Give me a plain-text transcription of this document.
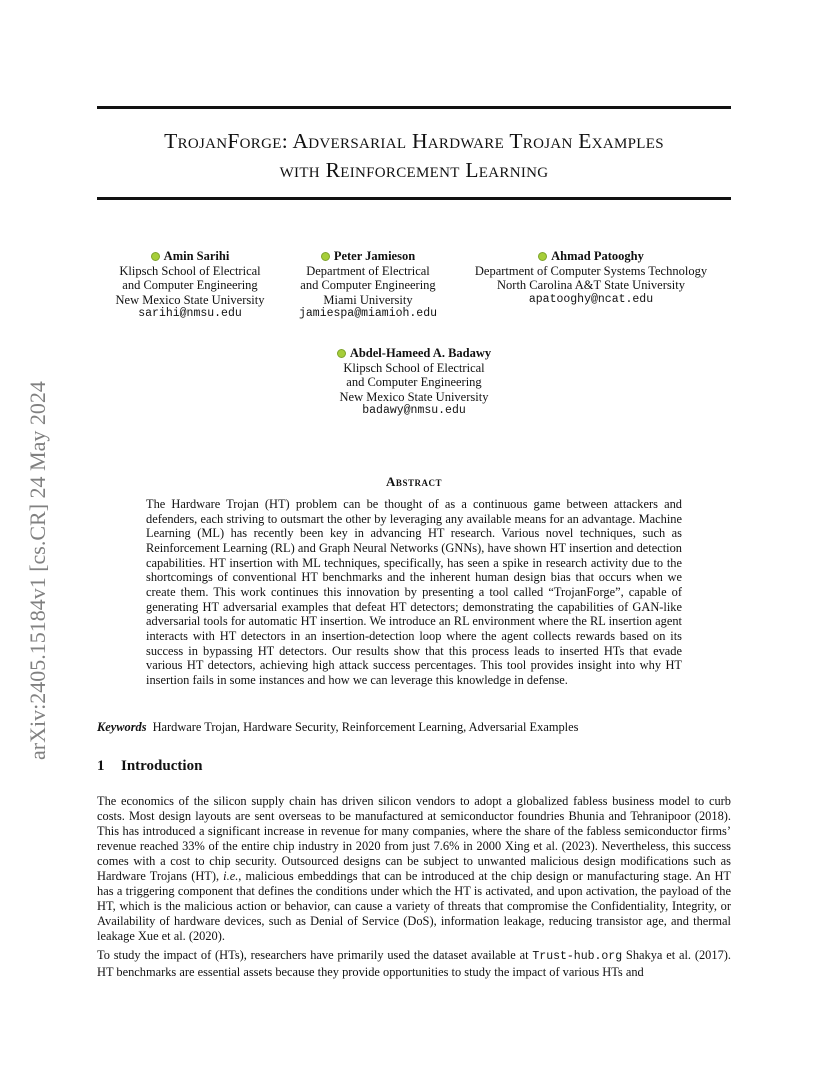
arXiv:2405.15184v1 [cs.CR] 24 May 2024
TrojanForge: Adversarial Hardware Trojan Examples
with Reinforcement Learning
Amin Sarihi
Klipsch School of Electrical
and Computer Engineering
New Mexico State University
sarihi@nmsu.edu
Peter Jamieson
Department of Electrical
and Computer Engineering
Miami University
jamiespa@miamioh.edu
Ahmad Patooghy
Department of Computer Systems Technology
North Carolina A&T State University
apatooghy@ncat.edu
Abdel-Hameed A. Badawy
Klipsch School of Electrical
and Computer Engineering
New Mexico State University
badawy@nmsu.edu
Abstract
The Hardware Trojan (HT) problem can be thought of as a continuous game between attackers and defenders, each striving to outsmart the other by leveraging any available means for an advantage. Machine Learning (ML) has recently been key in advancing HT research. Various novel techniques, such as Reinforcement Learning (RL) and Graph Neural Networks (GNNs), have shown HT insertion and detection capabilities. HT insertion with ML techniques, specifically, has seen a spike in research activity due to the shortcomings of conventional HT benchmarks and the inherent human design bias that occurs when we create them. This work continues this innovation by presenting a tool called “TrojanForge”, capable of generating HT adversarial examples that defeat HT detectors; demonstrating the capabilities of GAN-like adversarial tools for automatic HT insertion. We introduce an RL environment where the RL insertion agent interacts with HT detectors in an insertion-detection loop where the agent collects rewards based on its success in bypassing HT detectors. Our results show that this process leads to inserted HTs that evade various HT detectors, achieving high attack success percentages. This tool provides insight into why HT insertion fails in some instances and how we can leverage this knowledge in defense.
Keywords Hardware Trojan, Hardware Security, Reinforcement Learning, Adversarial Examples
1 Introduction

The economics of the silicon supply chain has driven silicon vendors to adopt a globalized fabless business model to curb costs. Most design layouts are sent overseas to be manufactured at semiconductor foundries Bhunia and Tehranipoor (2018). This has introduced a significant increase in revenue for many companies, where the share of the fabless semiconductor firms’ revenue reached 33% of the entire chip industry in 2020 from just 7.6% in 2000 Xing et al. (2023). Nevertheless, this success comes with a cost to chip security. Outsourced designs can be subject to unwanted malicious design modifications such as Hardware Trojans (HT), i.e., malicious embeddings that can be introduced at the chip design or manufacturing stage. An HT has a triggering component that defines the conditions under which the HT is activated, and upon activation, the payload of the HT, which is the malicious action or behavior, can cause a variety of threats that compromise the Confidentiality, Integrity, or Availability of hardware devices, such as Denial of Service (DoS), information leakage, reducing transistor age, and thermal leakage Xue et al. (2020).

To study the impact of (HTs), researchers have primarily used the dataset available at Trust-hub.org Shakya et al. (2017). HT benchmarks are essential assets because they provide opportunities to study the impact of various HTs and
